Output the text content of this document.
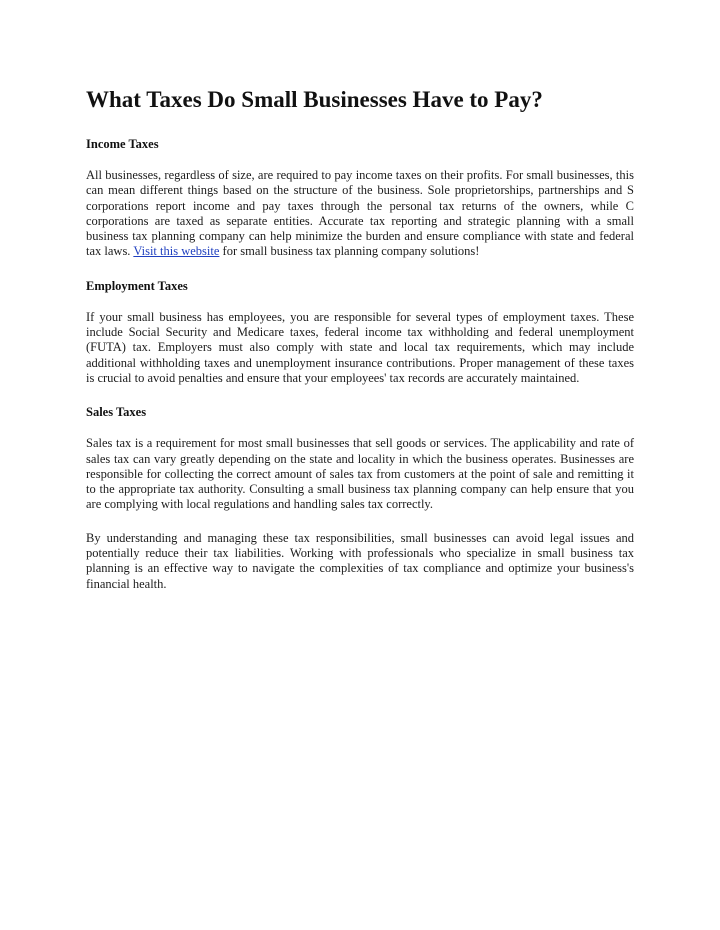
What Taxes Do Small Businesses Have to Pay?
Income Taxes

All businesses, regardless of size, are required to pay income taxes on their profits. For small businesses, this can mean different things based on the structure of the business. Sole proprietorships, partnerships and S corporations report income and pay taxes through the personal tax returns of the owners, while C corporations are taxed as separate entities. Accurate tax reporting and strategic planning with a small business tax planning company can help minimize the burden and ensure compliance with state and federal tax laws. Visit this website for small business tax planning company solutions!

Employment Taxes

If your small business has employees, you are responsible for several types of employment taxes. These include Social Security and Medicare taxes, federal income tax withholding and federal unemployment (FUTA) tax. Employers must also comply with state and local tax requirements, which may include additional withholding taxes and unemployment insurance contributions. Proper management of these taxes is crucial to avoid penalties and ensure that your employees' tax records are accurately maintained.

Sales Taxes

Sales tax is a requirement for most small businesses that sell goods or services. The applicability and rate of sales tax can vary greatly depending on the state and locality in which the business operates. Businesses are responsible for collecting the correct amount of sales tax from customers at the point of sale and remitting it to the appropriate tax authority. Consulting a small business tax planning company can help ensure that you are complying with local regulations and handling sales tax correctly.

By understanding and managing these tax responsibilities, small businesses can avoid legal issues and potentially reduce their tax liabilities. Working with professionals who specialize in small business tax planning is an effective way to navigate the complexities of tax compliance and optimize your business's financial health.
